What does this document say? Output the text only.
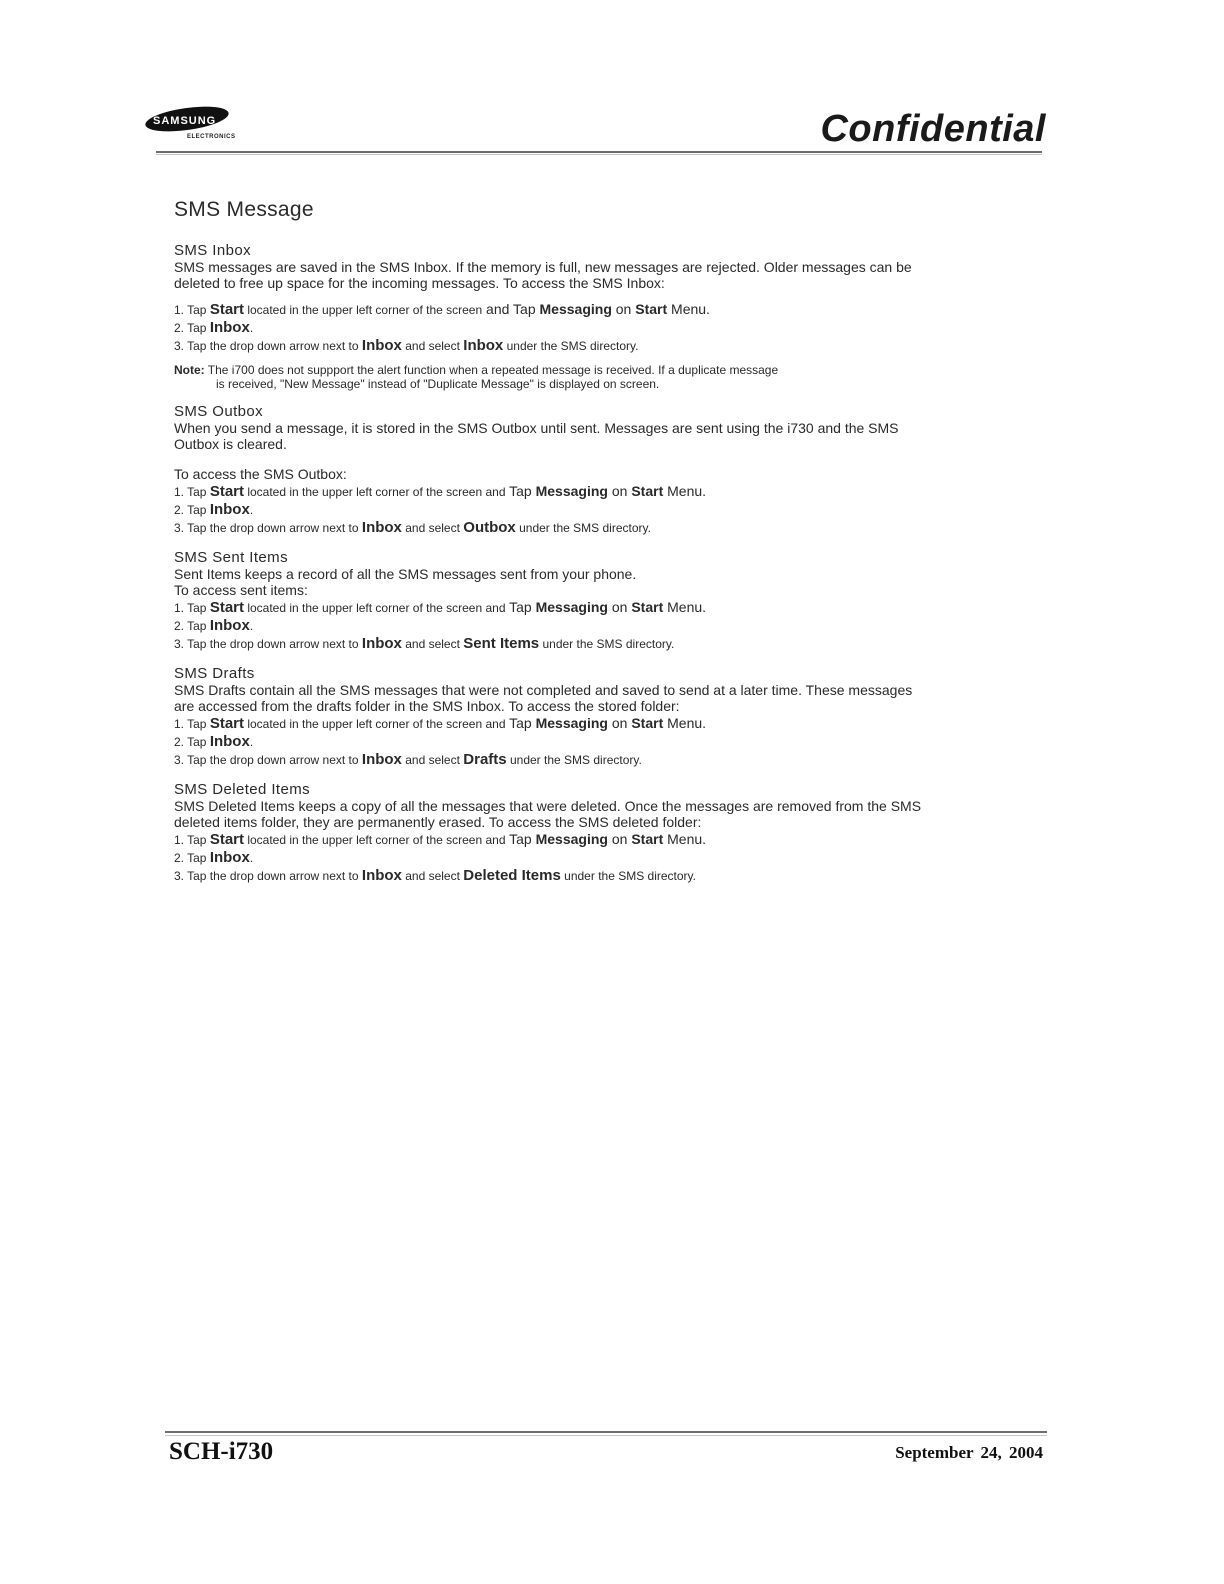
SAMSUNG
ELECTRONICS	Confidential
SMS Message
SMS Inbox
SMS messages are saved in the SMS Inbox. If the memory is full, new messages are rejected. Older messages can be deleted to free up space for the incoming messages. To access the SMS Inbox:
1. Tap Start located in the upper left corner of the screen and Tap Messaging on Start Menu.
2. Tap Inbox.
3. Tap the drop down arrow next to Inbox and select Inbox under the SMS directory.
Note: The i700 does not suppport the alert function when a repeated message is received. If a duplicate message
is received, "New Message" instead of "Duplicate Message" is displayed on screen.
SMS Outbox
When you send a message, it is stored in the SMS Outbox until sent. Messages are sent using the i730 and the SMS Outbox is cleared.
To access the SMS Outbox:
1. Tap Start located in the upper left corner of the screen and Tap Messaging on Start Menu.
2. Tap Inbox.
3. Tap the drop down arrow next to Inbox and select Outbox under the SMS directory.
SMS Sent Items
Sent Items keeps a record of all the SMS messages sent from your phone.
To access sent items:
1. Tap Start located in the upper left corner of the screen and Tap Messaging on Start Menu.
2. Tap Inbox.
3. Tap the drop down arrow next to Inbox and select Sent Items under the SMS directory.
SMS Drafts
SMS Drafts contain all the SMS messages that were not completed and saved to send at a later time. These messages are accessed from the drafts folder in the SMS Inbox. To access the stored folder:
1. Tap Start located in the upper left corner of the screen and Tap Messaging on Start Menu.
2. Tap Inbox.
3. Tap the drop down arrow next to Inbox and select Drafts under the SMS directory.
SMS Deleted Items
SMS Deleted Items keeps a copy of all the messages that were deleted. Once the messages are removed from the SMS deleted items folder, they are permanently erased. To access the SMS deleted folder:
1. Tap Start located in the upper left corner of the screen and Tap Messaging on Start Menu.
2. Tap Inbox.
3. Tap the drop down arrow next to Inbox and select Deleted Items under the SMS directory.
SCH-i730	September 24, 2004
